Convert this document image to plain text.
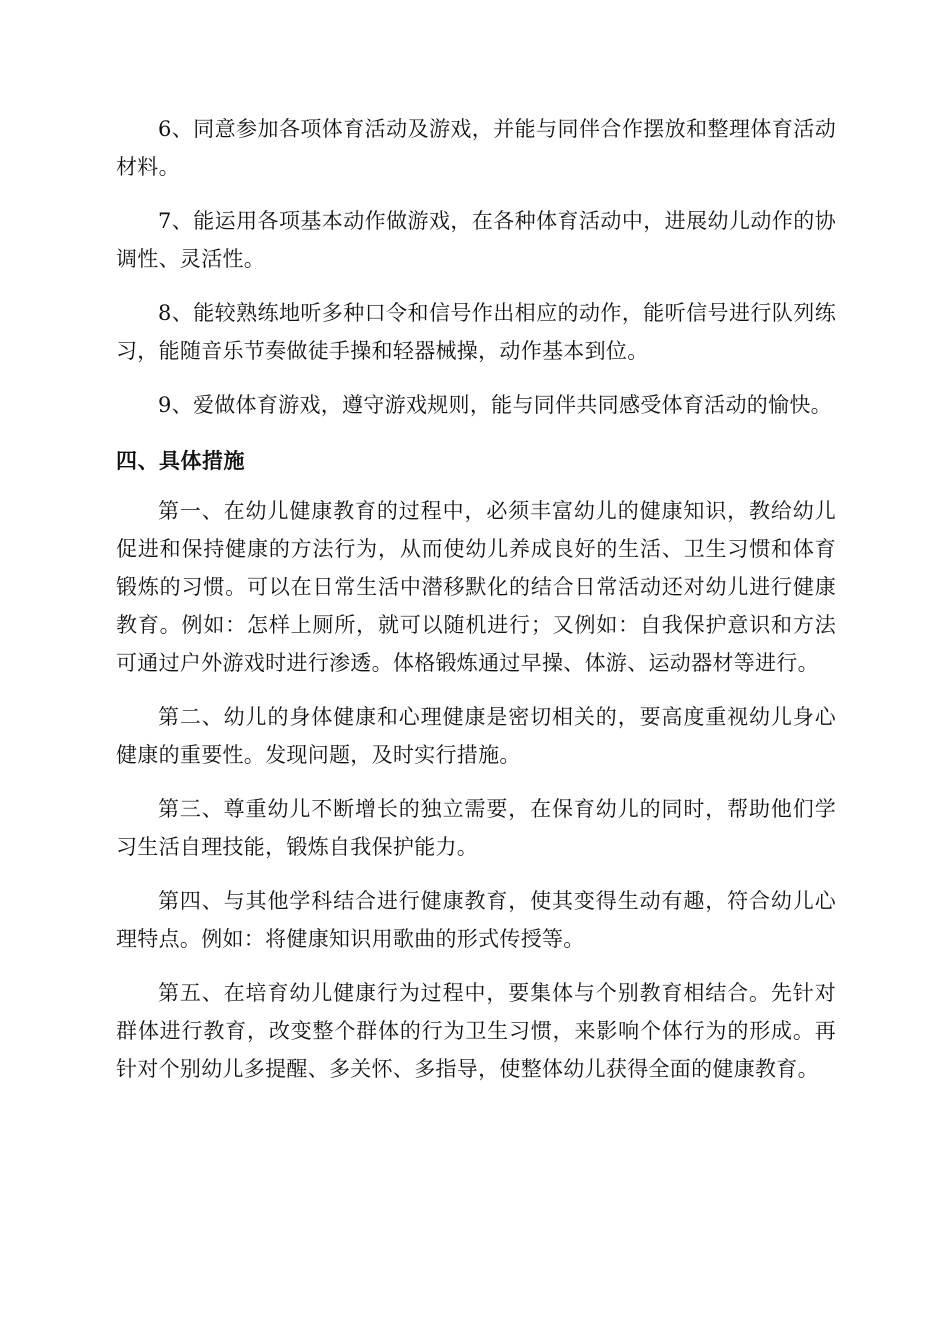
6、同意参加各项体育活动及游戏，并能与同伴合作摆放和整理体育活动材料。

7、能运用各项基本动作做游戏，在各种体育活动中，进展幼儿动作的协调性、灵活性。

8、能较熟练地听多种口令和信号作出相应的动作，能听信号进行队列练习，能随音乐节奏做徒手操和轻器械操，动作基本到位。

9、爱做体育游戏，遵守游戏规则，能与同伴共同感受体育活动的愉快。

四、具体措施

第一、在幼儿健康教育的过程中，必须丰富幼儿的健康知识，教给幼儿促进和保持健康的方法行为，从而使幼儿养成良好的生活、卫生习惯和体育锻炼的习惯。可以在日常生活中潜移默化的结合日常活动还对幼儿进行健康教育。例如：怎样上厕所，就可以随机进行；又例如：自我保护意识和方法可通过户外游戏时进行渗透。体格锻炼通过早操、体游、运动器材等进行。

第二、幼儿的身体健康和心理健康是密切相关的，要高度重视幼儿身心健康的重要性。发现问题，及时实行措施。

第三、尊重幼儿不断增长的独立需要，在保育幼儿的同时，帮助他们学习生活自理技能，锻炼自我保护能力。

第四、与其他学科结合进行健康教育，使其变得生动有趣，符合幼儿心理特点。例如：将健康知识用歌曲的形式传授等。

第五、在培育幼儿健康行为过程中，要集体与个别教育相结合。先针对群体进行教育，改变整个群体的行为卫生习惯，来影响个体行为的形成。再针对个别幼儿多提醒、多关怀、多指导，使整体幼儿获得全面的健康教育。
